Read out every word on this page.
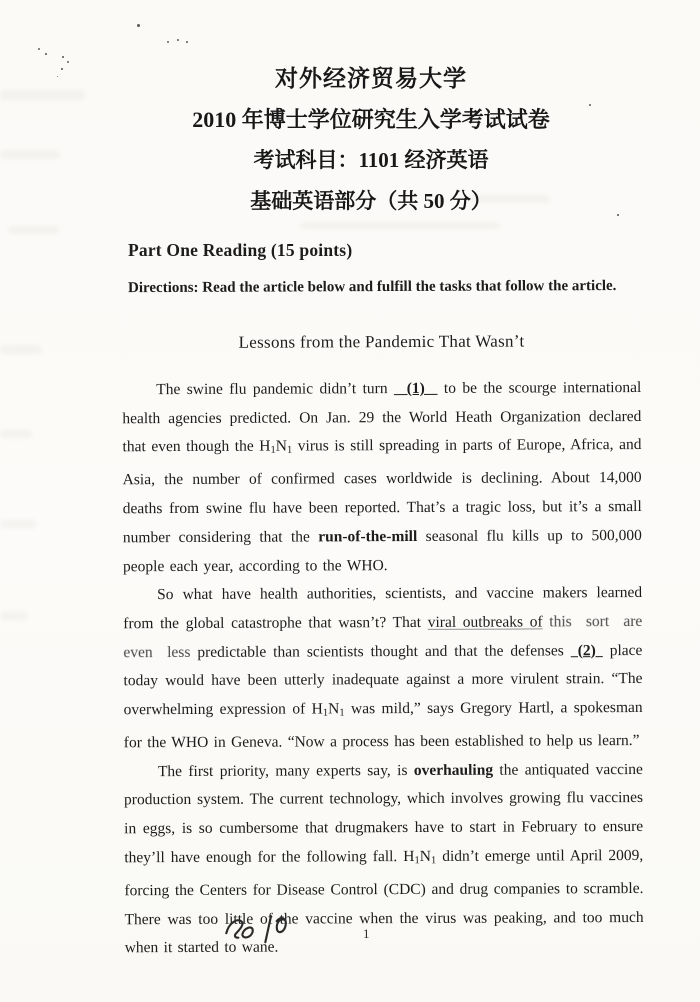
对外经济贸易大学
2010 年博士学位研究生入学考试试卷
考试科目：1101 经济英语
基础英语部分（共 50 分）
Part One Reading (15 points)
Directions: Read the article below and fulfill the tasks that follow the article.
Lessons from the Pandemic That Wasn’t

The swine flu pandemic didn’t turn   (1)   to be the scourge international health agencies predicted. On Jan. 29 the World Heath Organization declared that even though the H1N1 virus is still spreading in parts of Europe, Africa, and Asia, the number of confirmed cases worldwide is declining. About 14,000 deaths from swine flu have been reported. That’s a tragic loss, but it’s a small number considering that the run-of-the-mill seasonal flu kills up to 500,000 people each year, according to the WHO.

So what have health authorities, scientists, and vaccine makers learned from the global catastrophe that wasn’t? That viral outbreaks of this sort are even less predictable than scientists thought and that the defenses  (2)  place today would have been utterly inadequate against a more virulent strain. “The overwhelming expression of H1N1 was mild,” says Gregory Hartl, a spokesman for the WHO in Geneva. “Now a process has been established to help us learn.”

The first priority, many experts say, is overhauling the antiquated vaccine production system. The current technology, which involves growing flu vaccines in eggs, is so cumbersome that drugmakers have to start in February to ensure they’ll have enough for the following fall. H1N1 didn’t emerge until April 2009, forcing the Centers for Disease Control (CDC) and drug companies to scramble. There was too little of the vaccine when the virus was peaking, and too much when it started to wane.

1
